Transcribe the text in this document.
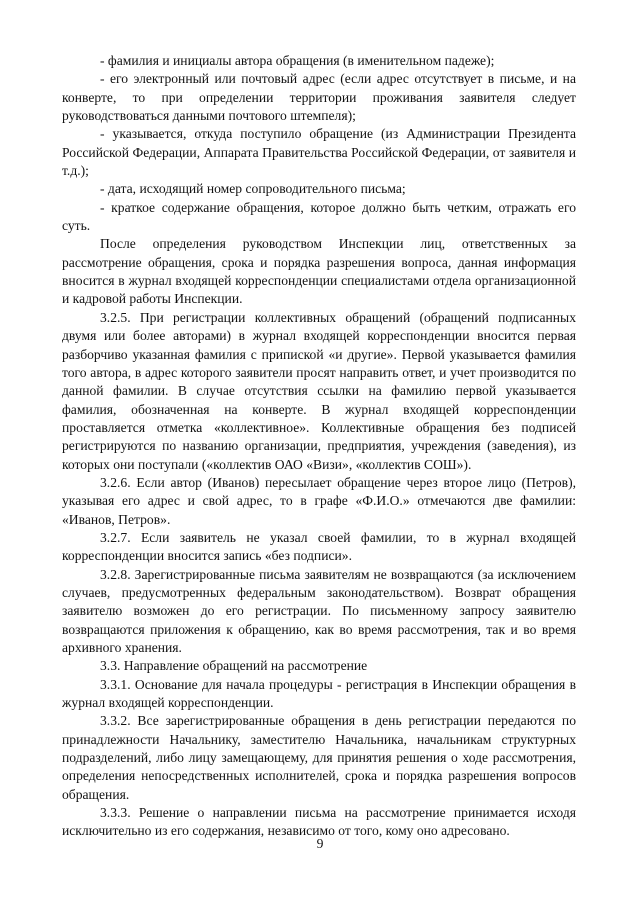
- фамилия и инициалы автора обращения (в именительном падеже);

- его электронный или почтовый адрес (если адрес отсутствует в письме, и на конверте, то при определении территории проживания заявителя следует руководствоваться данными почтового штемпеля);

- указывается, откуда поступило обращение (из Администрации Президента Российской Федерации, Аппарата Правительства Российской Федерации, от заявителя и т.д.);

- дата, исходящий номер сопроводительного письма;

- краткое содержание обращения, которое должно быть четким, отражать его суть.

После определения руководством Инспекции лиц, ответственных за рассмотрение обращения, срока и порядка разрешения вопроса, данная информация вносится в журнал входящей корреспонденции специалистами отдела организационной и кадровой работы Инспекции.

3.2.5. При регистрации коллективных обращений (обращений подписанных двумя или более авторами) в журнал входящей корреспонденции вносится первая разборчиво указанная фамилия с припиской «и другие». Первой указывается фамилия того автора, в адрес которого заявители просят направить ответ, и учет производится по данной фамилии. В случае отсутствия ссылки на фамилию первой указывается фамилия, обозначенная на конверте. В журнал входящей корреспонденции проставляется отметка «коллективное». Коллективные обращения без подписей регистрируются по названию организации, предприятия, учреждения (заведения), из которых они поступали («коллектив ОАО «Визи», «коллектив СОШ»).

3.2.6. Если автор (Иванов) пересылает обращение через второе лицо (Петров), указывая его адрес и свой адрес, то в графе «Ф.И.О.» отмечаются две фамилии: «Иванов, Петров».

3.2.7. Если заявитель не указал своей фамилии, то в журнал входящей корреспонденции вносится запись «без подписи».

3.2.8. Зарегистрированные письма заявителям не возвращаются (за исключением случаев, предусмотренных федеральным законодательством). Возврат обращения заявителю возможен до его регистрации. По письменному запросу заявителю возвращаются приложения к обращению, как во время рассмотрения, так и во время архивного хранения.

3.3. Направление обращений на рассмотрение

3.3.1. Основание для начала процедуры - регистрация в Инспекции обращения в журнал входящей корреспонденции.

3.3.2. Все зарегистрированные обращения в день регистрации передаются по принадлежности Начальнику, заместителю Начальника, начальникам структурных подразделений, либо лицу замещающему, для принятия решения о ходе рассмотрения, определения непосредственных исполнителей, срока и порядка разрешения вопросов обращения.

3.3.3. Решение о направлении письма на рассмотрение принимается исходя исключительно из его содержания, независимо от того, кому оно адресовано.

9
